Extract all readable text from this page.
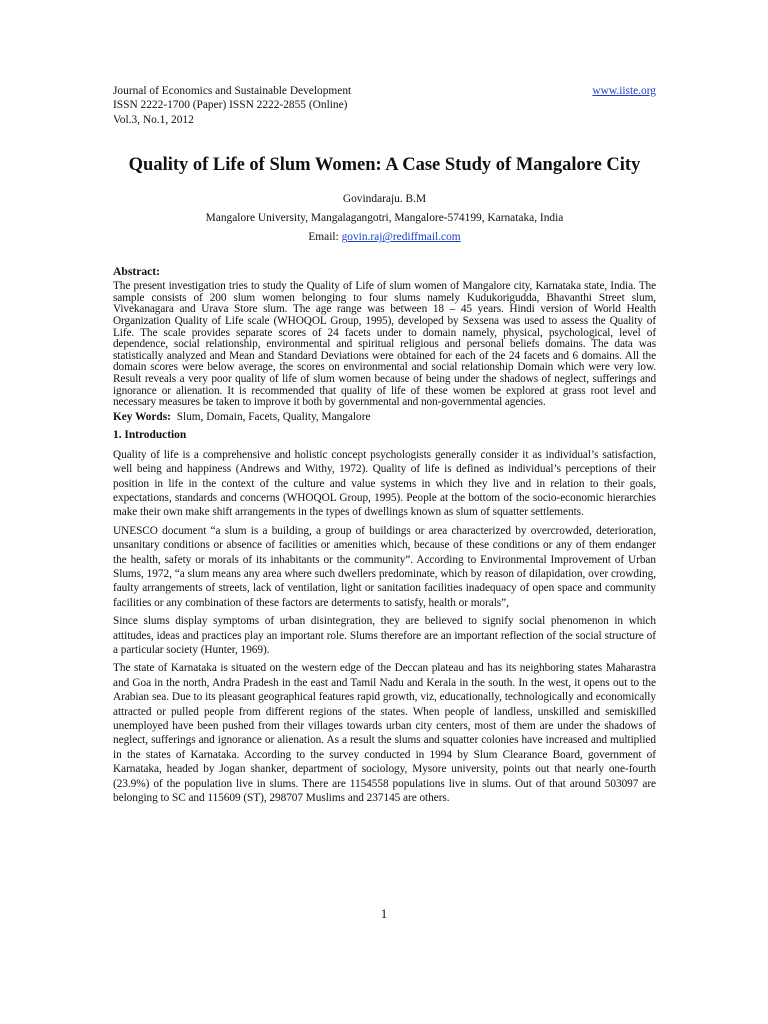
Journal of Economics and Sustainable Development
ISSN 2222-1700 (Paper) ISSN 2222-2855 (Online)
Vol.3, No.1, 2012
www.iiste.org
Quality of Life of Slum Women: A Case Study of Mangalore City
Govindaraju. B.M
Mangalore University, Mangalagangotri, Mangalore-574199, Karnataka, India
Email: govin.raj@rediffmail.com
Abstract:

The present investigation tries to study the Quality of Life of slum women of Mangalore city, Karnataka state, India. The sample consists of 200 slum women belonging to four slums namely Kudukorigudda, Bhavanthi Street slum, Vivekanagara and Urava Store slum. The age range was between 18 – 45 years. Hindi version of World Health Organization Quality of Life scale (WHOQOL Group, 1995), developed by Sexsena was used to assess the Quality of Life. The scale provides separate scores of 24 facets under to domain namely, physical, psychological, level of dependence, social relationship, environmental and spiritual religious and personal beliefs domains. The data was statistically analyzed and Mean and Standard Deviations were obtained for each of the 24 facets and 6 domains. All the domain scores were below average, the scores on environmental and social relationship Domain which were very low. Result reveals a very poor quality of life of slum women because of being under the shadows of neglect, sufferings and ignorance or alienation. It is recommended that quality of life of these women be explored at grass root level and necessary measures be taken to improve it both by governmental and non-governmental agencies.

Key Words: Slum, Domain, Facets, Quality, Mangalore
1. Introduction

Quality of life is a comprehensive and holistic concept psychologists generally consider it as individual’s satisfaction, well being and happiness (Andrews and Withy, 1972). Quality of life is defined as individual’s perceptions of their position in life in the context of the culture and value systems in which they live and in relation to their goals, expectations, standards and concerns (WHOQOL Group, 1995). People at the bottom of the socio-economic hierarchies make their own make shift arrangements in the types of dwellings known as slum of squatter settlements.

UNESCO document “a slum is a building, a group of buildings or area characterized by overcrowded, deterioration, unsanitary conditions or absence of facilities or amenities which, because of these conditions or any of them endanger the health, safety or morals of its inhabitants or the community”. According to Environmental Improvement of Urban Slums, 1972, “a slum means any area where such dwellers predominate, which by reason of dilapidation, over crowding, faulty arrangements of streets, lack of ventilation, light or sanitation facilities inadequacy of open space and community facilities or any combination of these factors are determents to satisfy, health or morals”,

Since slums display symptoms of urban disintegration, they are believed to signify social phenomenon in which attitudes, ideas and practices play an important role. Slums therefore are an important reflection of the social structure of a particular society (Hunter, 1969).

The state of Karnataka is situated on the western edge of the Deccan plateau and has its neighboring states Maharastra and Goa in the north, Andra Pradesh in the east and Tamil Nadu and Kerala in the south. In the west, it opens out to the Arabian sea. Due to its pleasant geographical features rapid growth, viz, educationally, technologically and economically attracted or pulled people from different regions of the states. When people of landless, unskilled and semiskilled unemployed have been pushed from their villages towards urban city centers, most of them are under the shadows of neglect, sufferings and ignorance or alienation. As a result the slums and squatter colonies have increased and multiplied in the states of Karnataka. According to the survey conducted in 1994 by Slum Clearance Board, government of Karnataka, headed by Jogan shanker, department of sociology, Mysore university, points out that nearly one-fourth (23.9%) of the population live in slums. There are 1154558 populations live in slums. Out of that around 503097 are belonging to SC and 115609 (ST), 298707 Muslims and 237145 are others.

1
